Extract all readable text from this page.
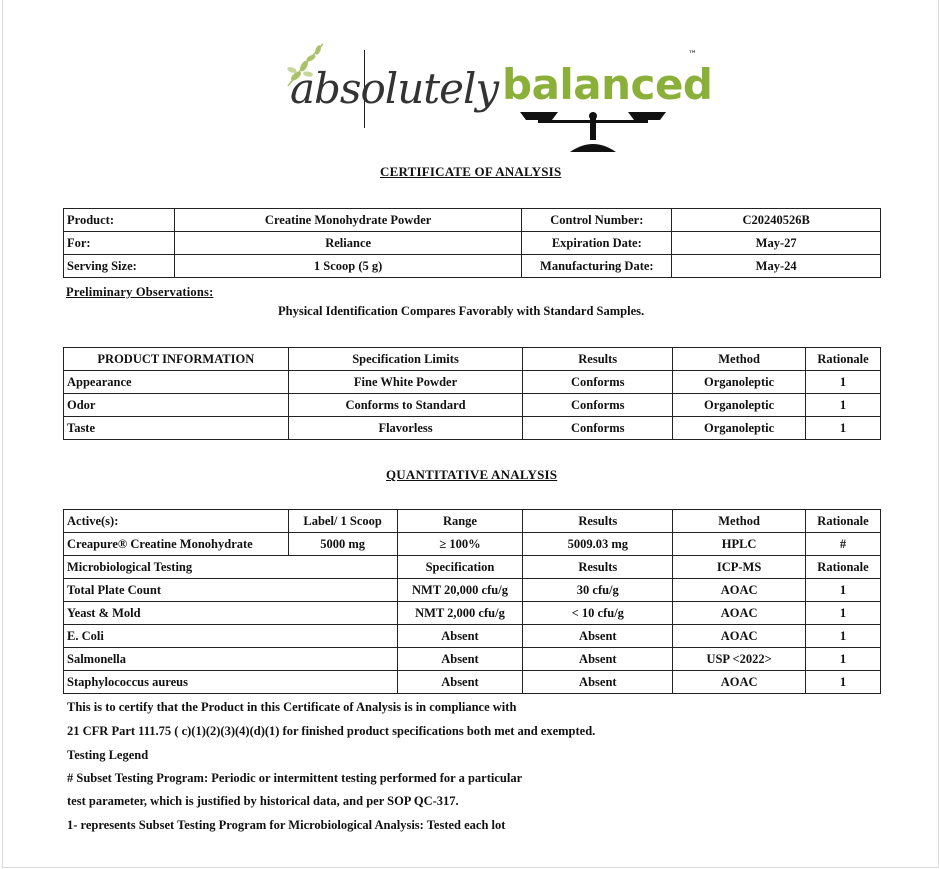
absolutely balanced
™
CERTIFICATE OF ANALYSIS
Product:	Creatine Monohydrate Powder	Control Number:	C20240526B
For:	Reliance	Expiration Date:	May-27
Serving Size:	1 Scoop (5 g)	Manufacturing Date:	May-24
Preliminary Observations:
Physical Identification Compares Favorably with Standard Samples.
PRODUCT INFORMATION	Specification Limits	Results	Method	Rationale
Appearance	Fine White Powder	Conforms	Organoleptic	1
Odor	Conforms to Standard	Conforms	Organoleptic	1
Taste	Flavorless	Conforms	Organoleptic	1
QUANTITATIVE ANALYSIS
Active(s):	Label/ 1 Scoop	Range	Results	Method	Rationale
Creapure® Creatine Monohydrate	5000 mg	≥ 100%	5009.03 mg	HPLC	#
Microbiological Testing		Specification	Results	ICP-MS	Rationale
Total Plate Count		NMT 20,000 cfu/g	30 cfu/g	AOAC	1
Yeast & Mold		NMT 2,000 cfu/g	< 10 cfu/g	AOAC	1
E. Coli		Absent	Absent	AOAC	1
Salmonella		Absent	Absent	USP <2022>	1
Staphylococcus aureus		Absent	Absent	AOAC	1
This is to certify that the Product in this Certificate of Analysis is in compliance with
21 CFR Part 111.75 ( c)(1)(2)(3)(4)(d)(1) for finished product specifications both met and exempted.
Testing Legend
# Subset Testing Program: Periodic or intermittent testing performed for a particular
test parameter, which is justified by historical data, and per SOP QC-317.
1- represents Subset Testing Program for Microbiological Analysis: Tested each lot
